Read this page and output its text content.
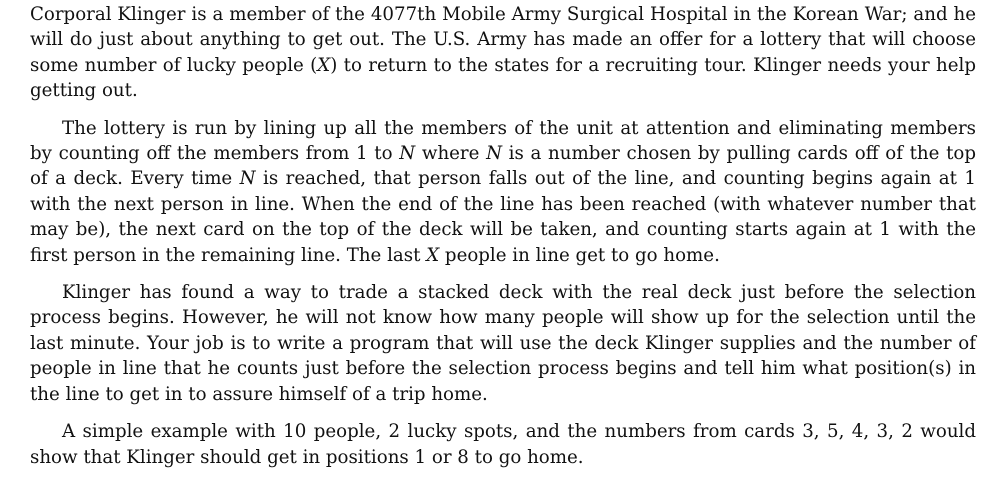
Corporal Klinger is a member of the 4077th Mobile Army Surgical Hospital in the Korean War; and he will do just about anything to get out. The U.S. Army has made an offer for a lottery that will choose some number of lucky people (X) to return to the states for a recruiting tour. Klinger needs your help getting out.

The lottery is run by lining up all the members of the unit at attention and eliminating members by counting off the members from 1 to N where N is a number chosen by pulling cards off of the top of a deck. Every time N is reached, that person falls out of the line, and counting begins again at 1 with the next person in line. When the end of the line has been reached (with whatever number that may be), the next card on the top of the deck will be taken, and counting starts again at 1 with the first person in the remaining line. The last X people in line get to go home.

Klinger has found a way to trade a stacked deck with the real deck just before the selection process begins. However, he will not know how many people will show up for the selection until the last minute. Your job is to write a program that will use the deck Klinger supplies and the number of people in line that he counts just before the selection process begins and tell him what position(s) in the line to get in to assure himself of a trip home.

A simple example with 10 people, 2 lucky spots, and the numbers from cards 3, 5, 4, 3, 2 would show that Klinger should get in positions 1 or 8 to go home.
